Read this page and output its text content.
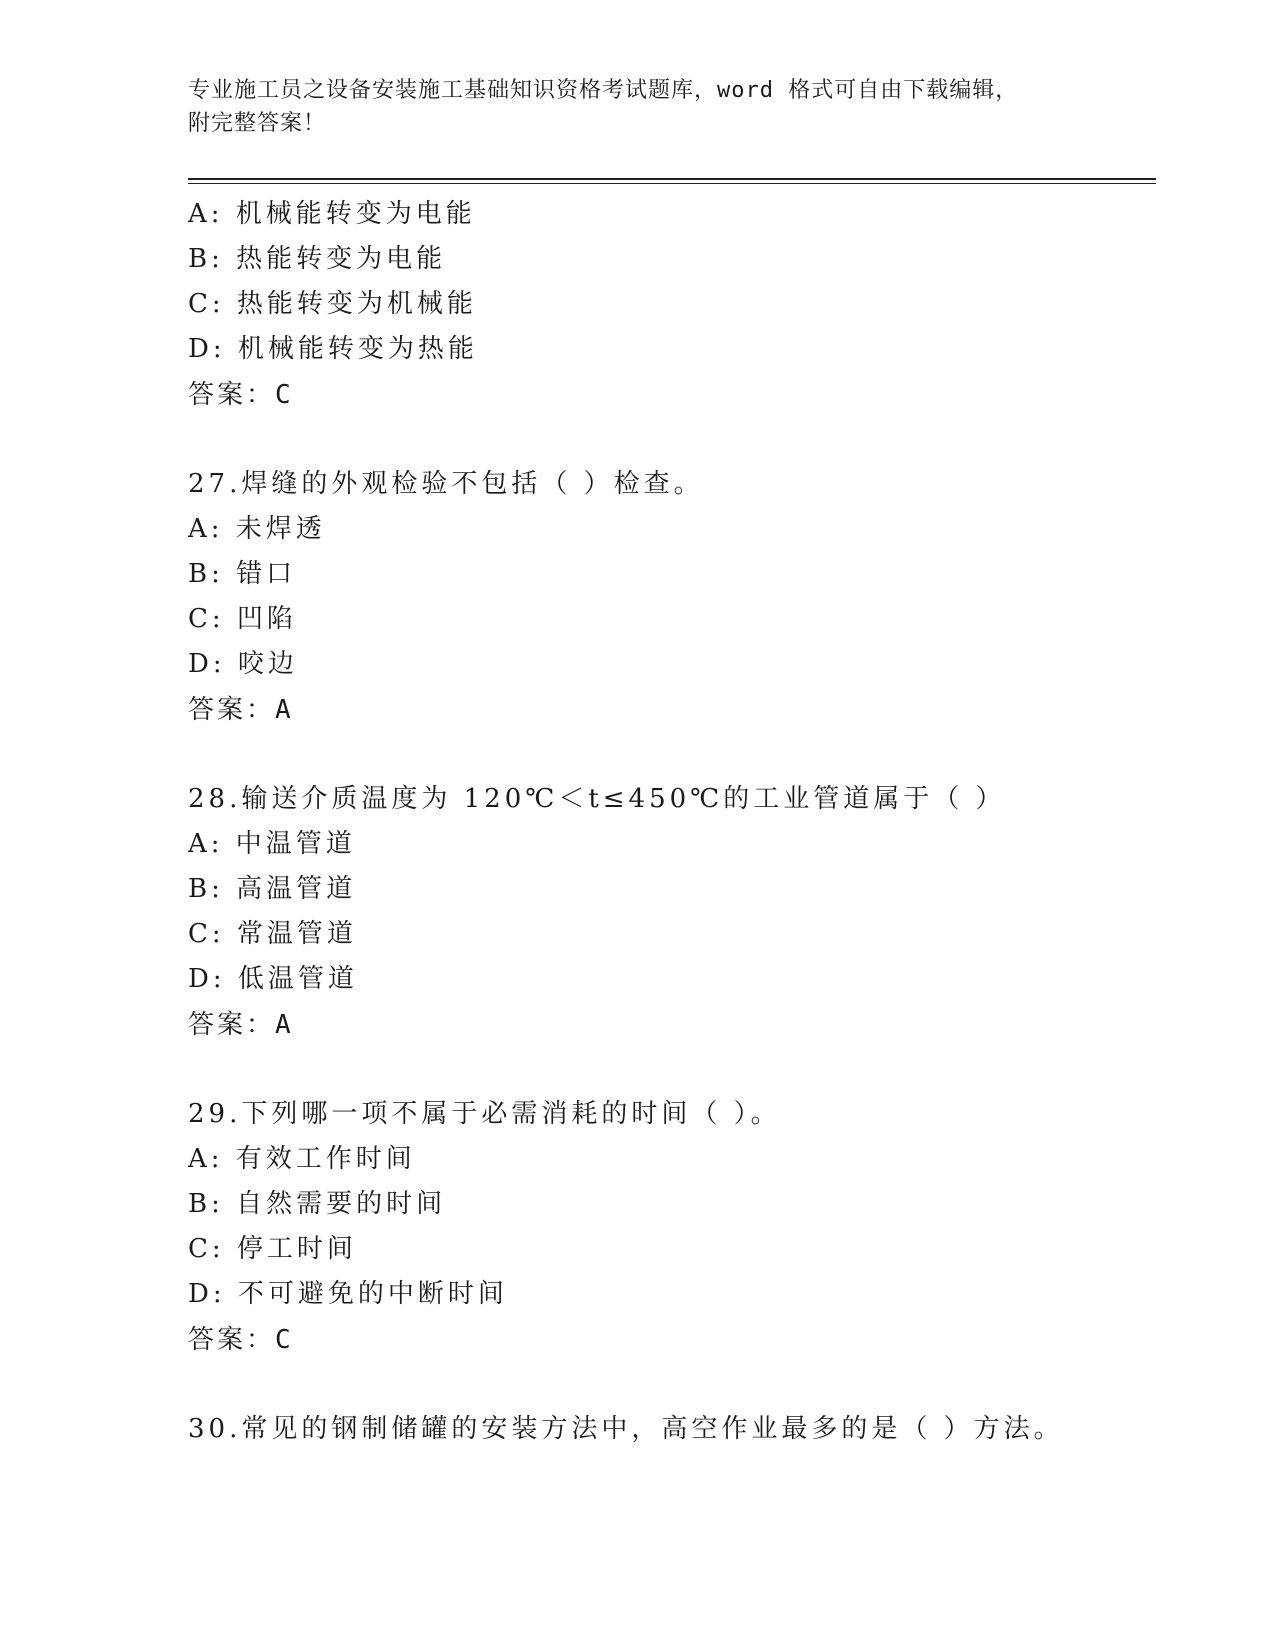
专业施工员之设备安装施工基础知识资格考试题库，word 格式可自由下载编辑，
附完整答案！
A: 机械能转变为电能
B: 热能转变为电能
C: 热能转变为机械能
D: 机械能转变为热能
答案：C
27.焊缝的外观检验不包括（ ）检查。
A: 未焊透
B: 错口
C: 凹陷
D: 咬边
答案：A
28.输送介质温度为 120℃＜t≤450℃的工业管道属于（ ）
A: 中温管道
B: 高温管道
C: 常温管道
D: 低温管道
答案：A
29.下列哪一项不属于必需消耗的时间（ ）。
A: 有效工作时间
B: 自然需要的时间
C: 停工时间
D: 不可避免的中断时间
答案：C
30.常见的钢制储罐的安装方法中，高空作业最多的是（ ）方法。
